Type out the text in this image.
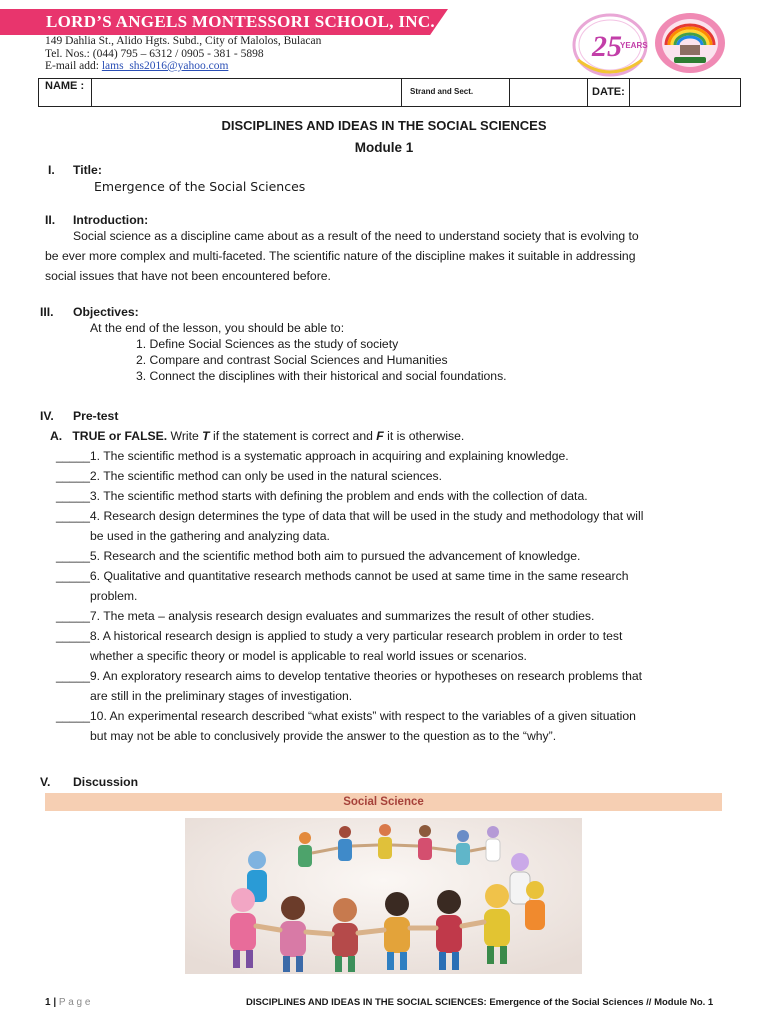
LORD’S ANGELS MONTESSORI SCHOOL, INC.
149 Dahlia St., Alido Hgts. Subd., City of Malolos, Bulacan
Tel. Nos.: (044) 795 – 6312 / 0905 - 381 - 5898
E-mail add: lams_shs2016@yahoo.com
25
YEARS
NAME :	Strand and Sect.	DATE:
DISCIPLINES AND IDEAS IN THE SOCIAL SCIENCES
Module 1
I. Title:
Emergence of the Social Sciences
II. Introduction:
Social science as a discipline came about as a result of the need to understand society that is evolving to
be ever more complex and multi-faceted. The scientific nature of the discipline makes it suitable in addressing
social issues that have not been encountered before.
III. Objectives:
At the end of the lesson, you should be able to:
1. Define Social Sciences as the study of society
2. Compare and contrast Social Sciences and Humanities
3. Connect the disciplines with their historical and social foundations.
IV. Pre-test
A. TRUE or FALSE. Write T if the statement is correct and F it is otherwise.
_____1. The scientific method is a systematic approach in acquiring and explaining knowledge.
_____2. The scientific method can only be used in the natural sciences.
_____3. The scientific method starts with defining the problem and ends with the collection of data.
_____4. Research design determines the type of data that will be used in the study and methodology that will
be used in the gathering and analyzing data.
_____5. Research and the scientific method both aim to pursued the advancement of knowledge.
_____6. Qualitative and quantitative research methods cannot be used at same time in the same research
problem.
_____7. The meta – analysis research design evaluates and summarizes the result of other studies.
_____8. A historical research design is applied to study a very particular research problem in order to test
whether a specific theory or model is applicable to real world issues or scenarios.
_____9. An exploratory research aims to develop tentative theories or hypotheses on research problems that
are still in the preliminary stages of investigation.
_____10. An experimental research described “what exists” with respect to the variables of a given situation
but may not be able to conclusively provide the answer to the question as to the “why”.
V. Discussion
Social Science
1 | P a g e	DISCIPLINES AND IDEAS IN THE SOCIAL SCIENCES: Emergence of the Social Sciences // Module No. 1
